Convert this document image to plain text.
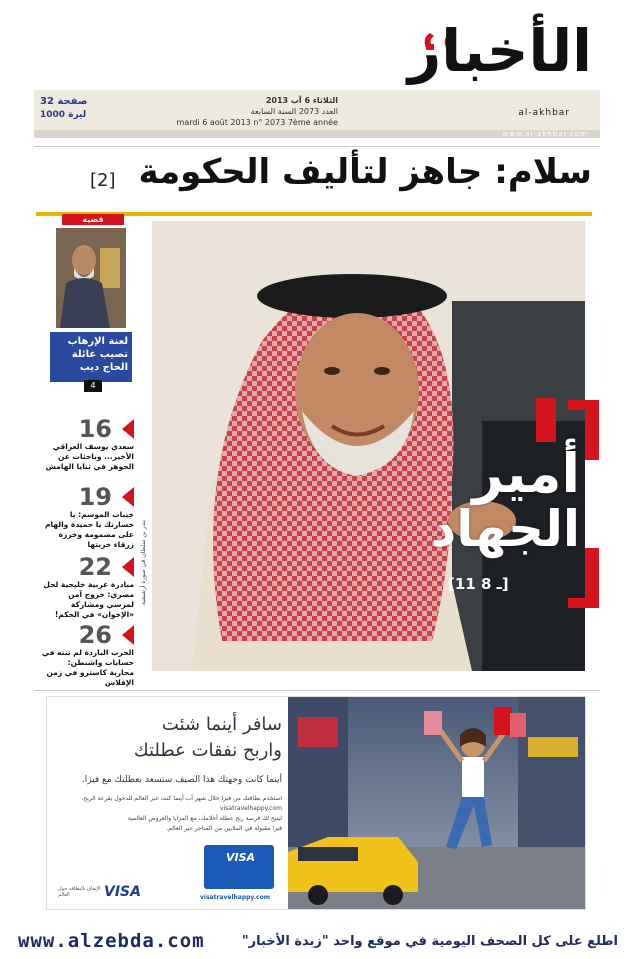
الأخبار
al-akhbar
الثلاثاء 6 آب 2013
العدد 2073 السنة السابعة
mardi 6 août 2013 n° 2073 7ème année
32 صفحة
1000 ليرة
www.al-akhbar.com
سلام: جاهز لتأليف الحكومة
[2]
بندر بن سلطان في صورة أرشيفية
أمير
الجهاد
[11 ـ 8]
قضية
لعنة الإرهاب تصيب عائلة الحاج ديب
4
16
سعدي يوسف العراقي الأخير... وباحثات عن الجوهر في ثنايا الهامش
19
خيبات الموسم: يا خسارتك يا حميدة والهام على مضمومة وخرزة زرقاء خربتها
22
مبادرة غربية خليجية لحل مصري: خروج آمن لمرسي ومشاركة «الإخوان» في الحكم!
26
الحرب الباردة لم تنته في حسابات واشنطن: محاربة كاسترو في زمن الإفلاس
سافر أينما شئت
واربح نفقات عطلتك
أينما كانت وجهتك هذا الصيف ستسعد بعطلتك مع فيزا.
استخدم بطاقتك من فيزا خلال شهر آب أينما كنت عبر العالم للدخول بقرعة الربح،
visatravelhappy.com
ليتيح لك فرصة ربح عطلة أحلامك، مع المزايا والعروض العالمية
فيزا مقبولة في الملايين من المتاجر عبر العالم.
VISA
visatravelhappy.com
VISA
الإنفاق بالبطاقة حول العالم
www.alzebda.com	اطلع على كل الصحف اليومية في موقع واحد "زبدة الأخبار"
